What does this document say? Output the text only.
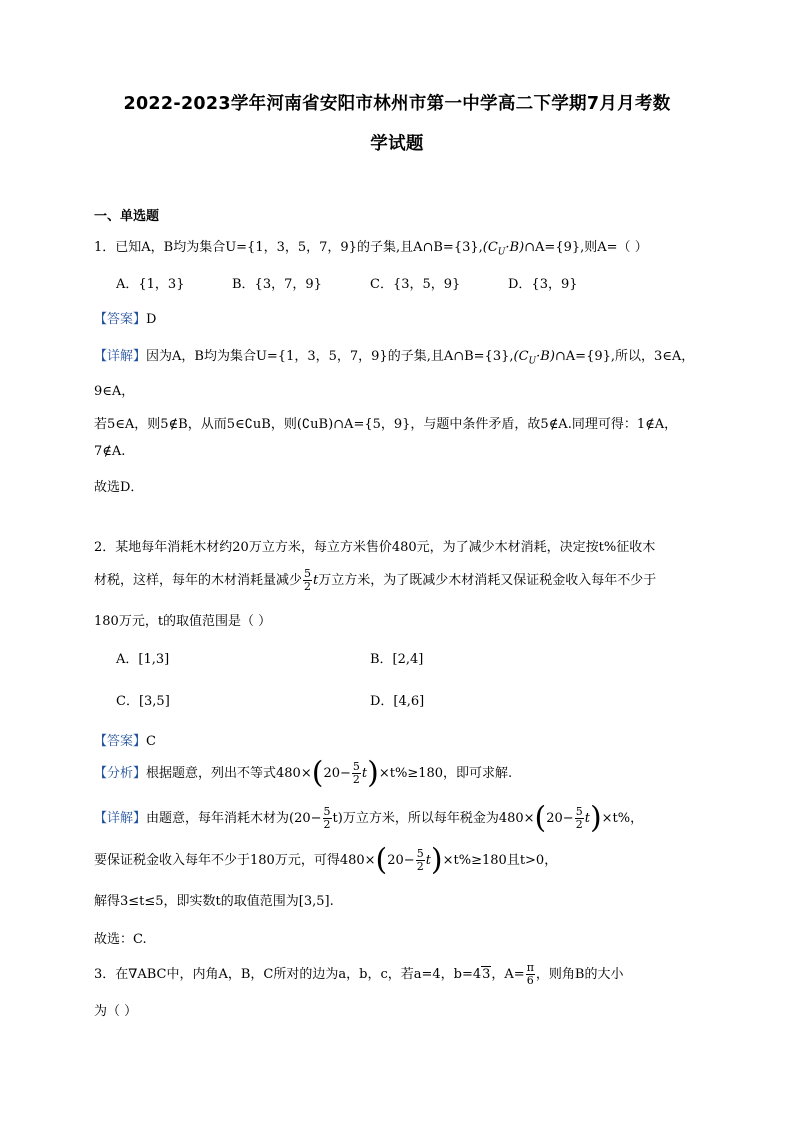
2022-2023学年河南省安阳市林州市第一中学高二下学期7月月考数
学试题
一、单选题
1．已知A，B均为集合U={1，3，5，7，9}的子集,且$A\cap B=\{3\},(C_U\cdot B)\cap A=\{9\}$,则A=（ ）
A．{1，3}	B．{3，7，9}	C．{3，5，9}	D．{3，9}
【答案】D
【详解】因为A，B均为集合U={1，3，5，7，9}的子集,且$A\cap B=\{3\},(C_U\cdot B)\cap A=\{9\}$,所以，3∈A，
9∈A，
若5∈A，则5∉B，从而5∈∁uB，则(∁uB)∩A={5，9}，与题中条件矛盾，故5∉A.同理可得：1∉A，
7∉A.
故选D．
2．某地每年消耗木材约20万立方米，每立方米售价480元，为了减少木材消耗，决定按t%征收木
材税，这样，每年的木材消耗量减少 $\frac{5}{2}$ t万立方米，为了既减少木材消耗又保证税金收入每年不少于
180万元，t的取值范围是（ ）
A．[1,3]	B．[2,4]
C．[3,5]	D．[4,6]
【答案】C
【分析】根据题意，列出不等式$480\times(20- \frac{5}{2} t)\times t\%\ge 180$，即可求解.
【详解】由题意，每年消耗木材为$(20- \frac{5}{2} t)$万立方米，所以每年税金为$480\times(20- \frac{5}{2} t)\times t\%$，
要保证税金收入每年不少于180万元，可得$480\times(20- \frac{5}{2} t)\times t\%\ge 180$且t>0，
解得3≤t≤5，即实数t的取值范围为[3,5].
故选：C.
3．在∇ABC中，内角A，B，C所对的边为a，b，c，若a=4，b=43，$A= \frac{\pi}{6}$ ，则角B的大小
为（ ）
